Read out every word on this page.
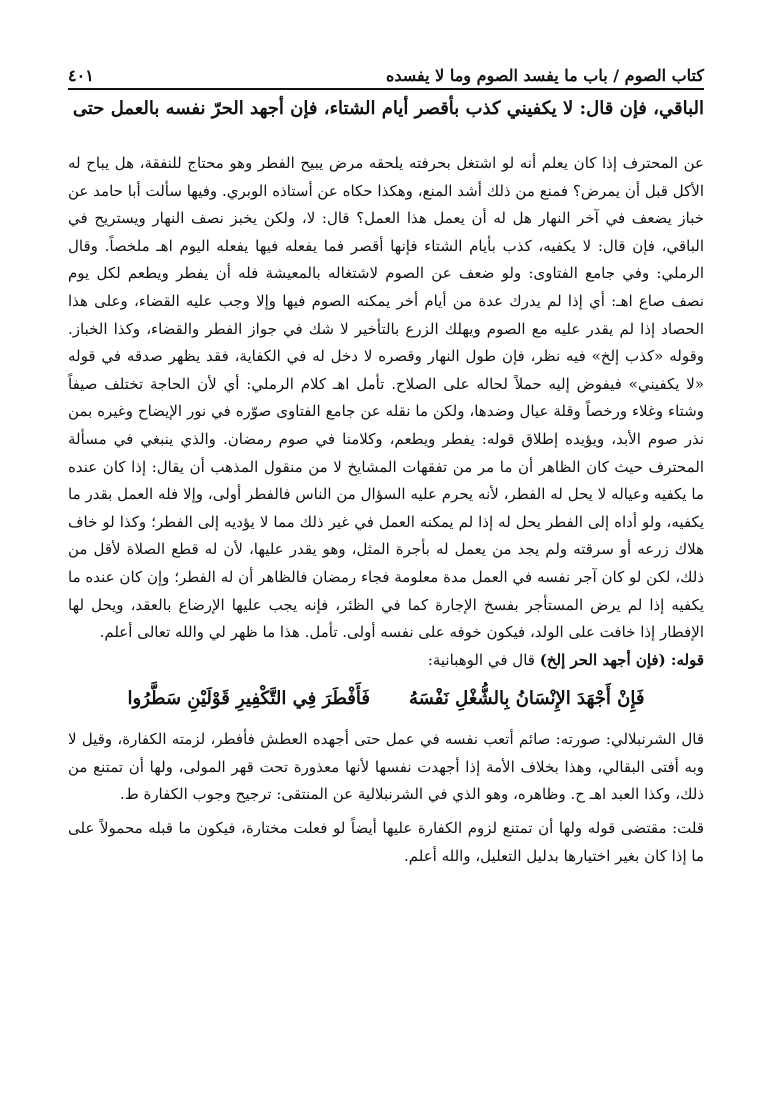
كتاب الصوم / باب ما يفسد الصوم وما لا يفسده
٤٠١
الباقي، فإن قال: لا يكفيني كذب بأقصر أيام الشتاء، فإن أجهد الحرّ نفسه بالعمل حتى

عن المحترف إذا كان يعلم أنه لو اشتغل بحرفته يلحقه مرض يبيح الفطر وهو محتاج للنفقة، هل يباح له الأكل قبل أن يمرض؟ فمنع من ذلك أشد المنع، وهكذا حكاه عن أستاذه الوبري. وفيها سألت أبا حامد عن خباز يضعف في آخر النهار هل له أن يعمل هذا العمل؟ قال: لا، ولكن يخبز نصف النهار ويستريح في الباقي، فإن قال: لا يكفيه، كذب بأيام الشتاء فإنها أقصر فما يفعله فيها يفعله اليوم اهـ ملخصاً. وقال الرملي: وفي جامع الفتاوى: ولو ضعف عن الصوم لاشتغاله بالمعيشة فله أن يفطر ويطعم لكل يوم نصف صاع اهـ: أي إذا لم يدرك عدة من أيام أخر يمكنه الصوم فيها وإلا وجب عليه القضاء، وعلى هذا الحصاد إذا لم يقدر عليه مع الصوم ويهلك الزرع بالتأخير لا شك في جواز الفطر والقضاء، وكذا الخباز. وقوله «كذب إلخ» فيه نظر، فإن طول النهار وقصره لا دخل له في الكفاية، فقد يظهر صدقه في قوله «لا يكفيني» فيفوض إليه حملاً لحاله على الصلاح. تأمل اهـ كلام الرملي: أي لأن الحاجة تختلف صيفاً وشتاء وغلاء ورخصاً وقلة عيال وضدها، ولكن ما نقله عن جامع الفتاوى صوّره في نور الإيضاح وغيره بمن نذر صوم الأبد، ويؤيده إطلاق قوله: يفطر ويطعم، وكلامنا في صوم رمضان. والذي ينبغي في مسألة المحترف حيث كان الظاهر أن ما مر من تفقهات المشايخ لا من منقول المذهب أن يقال: إذا كان عنده ما يكفيه وعياله لا يحل له الفطر، لأنه يحرم عليه السؤال من الناس فالفطر أولى، وإلا فله العمل بقدر ما يكفيه، ولو أداه إلى الفطر يحل له إذا لم يمكنه العمل في غير ذلك مما لا يؤديه إلى الفطر؛ وكذا لو خاف هلاك زرعه أو سرقته ولم يجد من يعمل له بأجرة المثل، وهو يقدر عليها، لأن له قطع الصلاة لأقل من ذلك، لكن لو كان آجر نفسه في العمل مدة معلومة فجاء رمضان فالظاهر أن له الفطر؛ وإن كان عنده ما يكفيه إذا لم يرض المستأجر بفسخ الإجارة كما في الظئر، فإنه يجب عليها الإرضاع بالعقد، ويحل لها الإفطار إذا خافت على الولد، فيكون خوفه على نفسه أولى. تأمل. هذا ما ظهر لي والله تعالى أعلم.

قوله: (فإن أجهد الحر إلخ) قال في الوهبانية:

فَإِنْ أَجْهَدَ الإِنْسَانُ بِالشُّغْلِ نَفْسَهُ
فَأَفْطَرَ فِي التَّكْفِيرِ قَوْلَيْنِ سَطَّرُوا

قال الشرنبلالي: صورته: صائم أتعب نفسه في عمل حتى أجهده العطش فأفطر، لزمته الكفارة، وقيل لا وبه أفتى البقالي، وهذا بخلاف الأمة إذا أجهدت نفسها لأنها معذورة تحت قهر المولى، ولها أن تمتنع من ذلك، وكذا العبد اهـ ح. وظاهره، وهو الذي في الشرنبلالية عن المنتقى: ترجيح وجوب الكفارة ط.

قلت: مقتضى قوله ولها أن تمتنع لزوم الكفارة عليها أيضاً لو فعلت مختارة، فيكون ما قبله محمولاً على ما إذا كان بغير اختيارها بدليل التعليل، والله أعلم.
